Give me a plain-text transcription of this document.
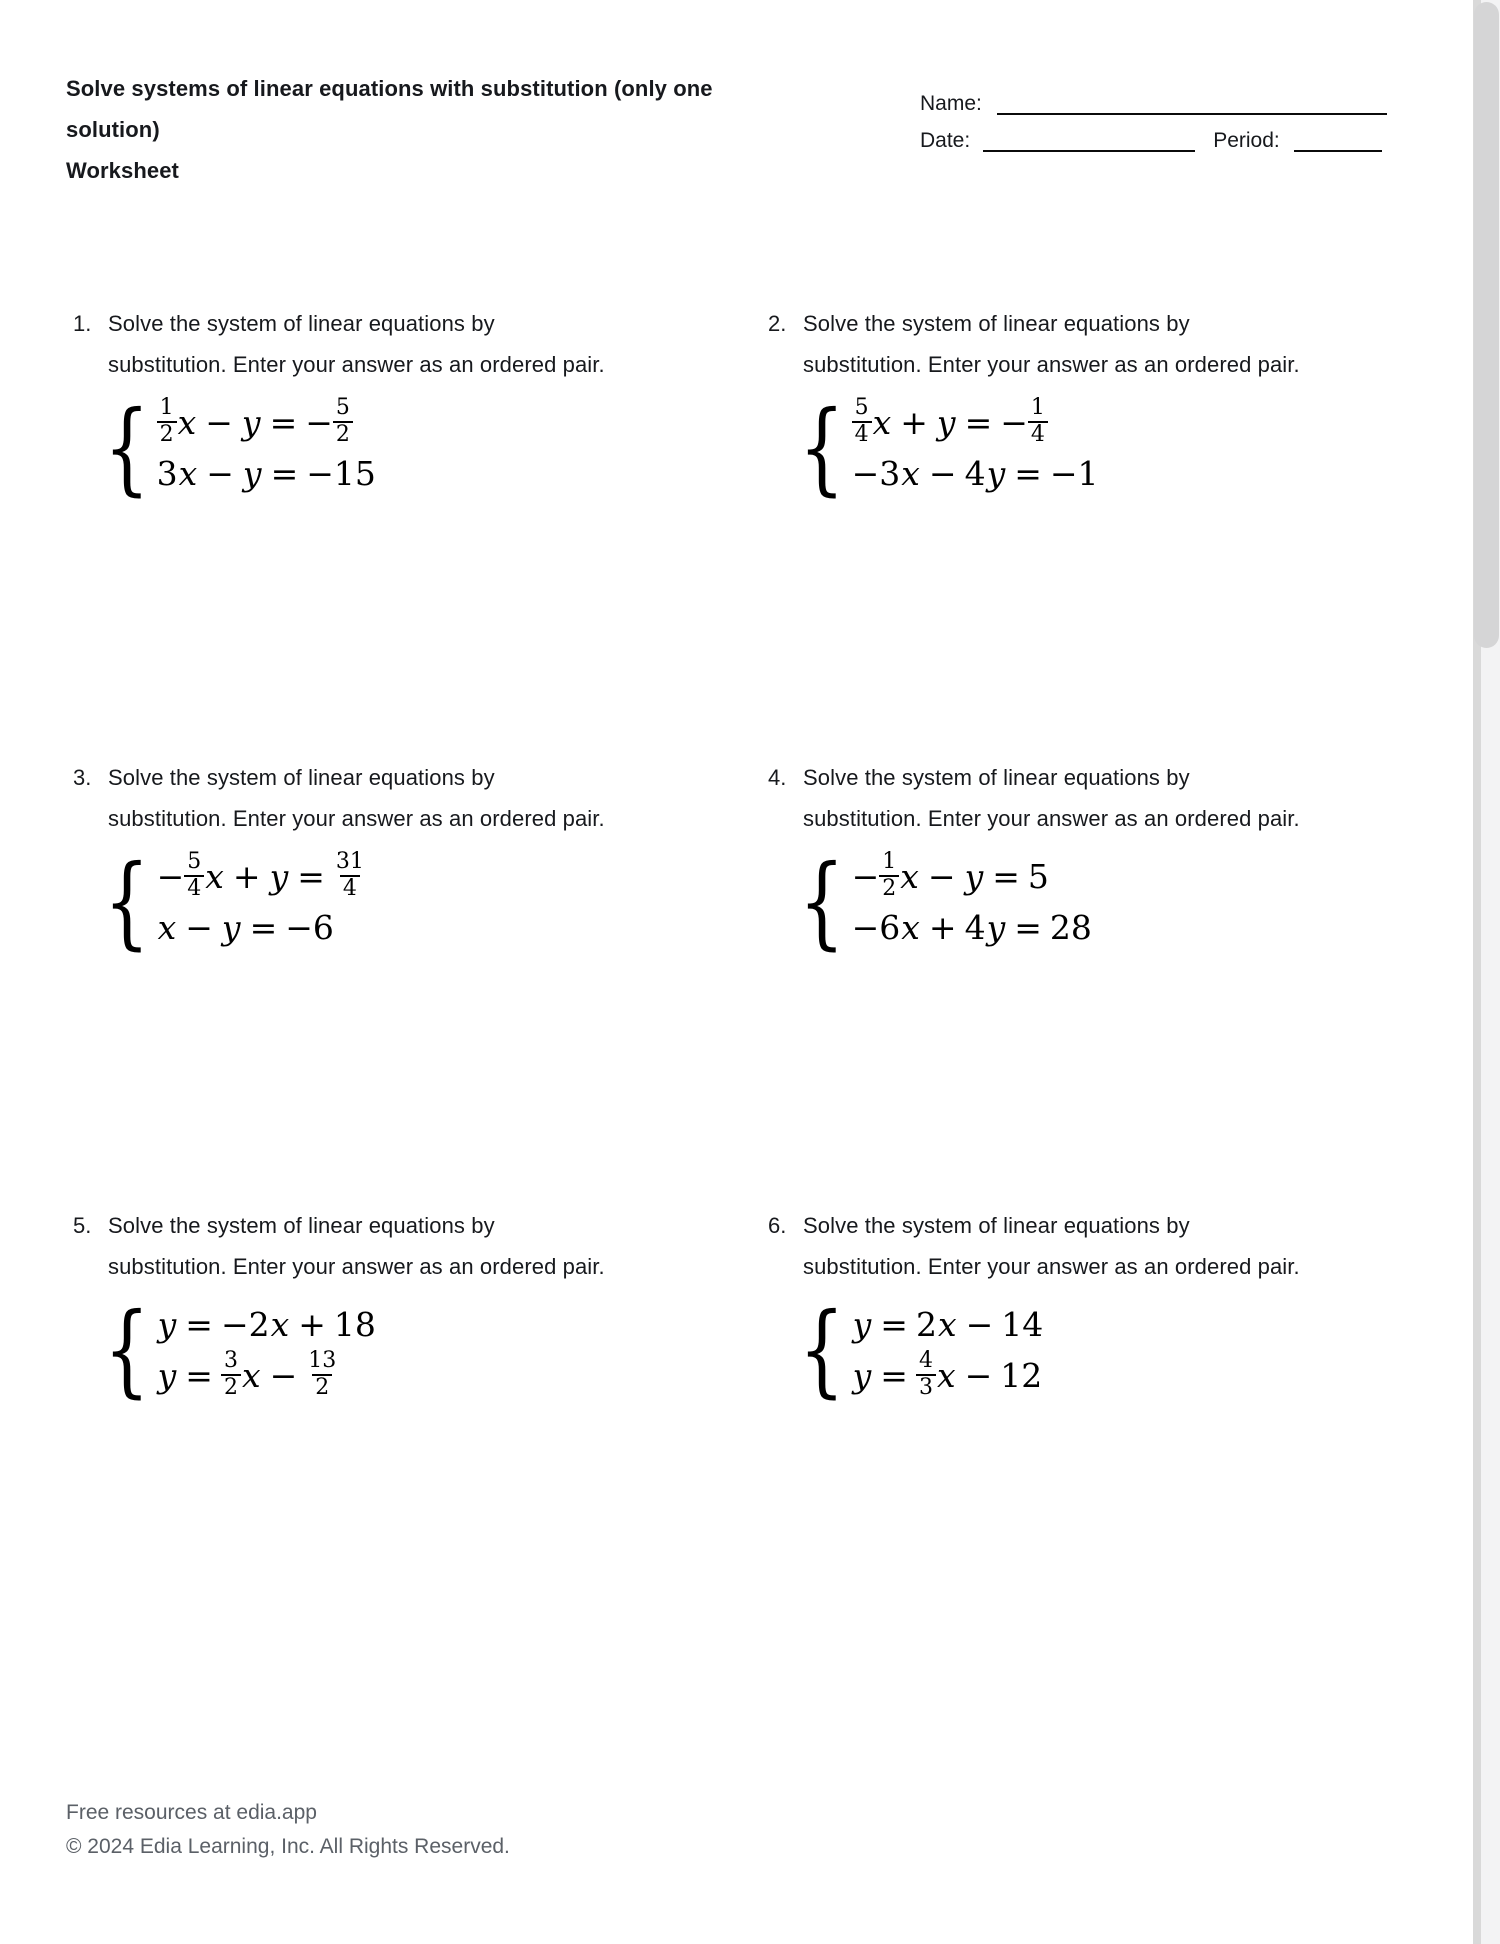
Solve systems of linear equations with substitution (only one solution)
Worksheet
Name:
Date:	Period:
1. Solve the system of linear equations by substitution. Enter your answer as an ordered pair.

{ $\frac{1}{2}$ x − y = − $\frac{5}{2}$
3 x − y = −15
2. Solve the system of linear equations by substitution. Enter your answer as an ordered pair.

{ $\frac{5}{4}$ x + y = − $\frac{1}{4}$
−3 x − 4 y = −1
3. Solve the system of linear equations by substitution. Enter your answer as an ordered pair.

{ − $\frac{5}{4}$ $x + y = \frac{31}{4}$
x − y = −6
4. Solve the system of linear equations by substitution. Enter your answer as an ordered pair.

{ − $\frac{1}{2}$ x − y = 5
−6 x + 4 y = 28
5. Solve the system of linear equations by substitution. Enter your answer as an ordered pair.

{ y = −2 x + 18
$y = \frac{3}{2}$ $x - \frac{13}{2}$
6. Solve the system of linear equations by substitution. Enter your answer as an ordered pair.

{ y = 2 x − 14
$y = \frac{4}{3}$ x − 12
Free resources at edia.app
© 2024 Edia Learning, Inc. All Rights Reserved.
